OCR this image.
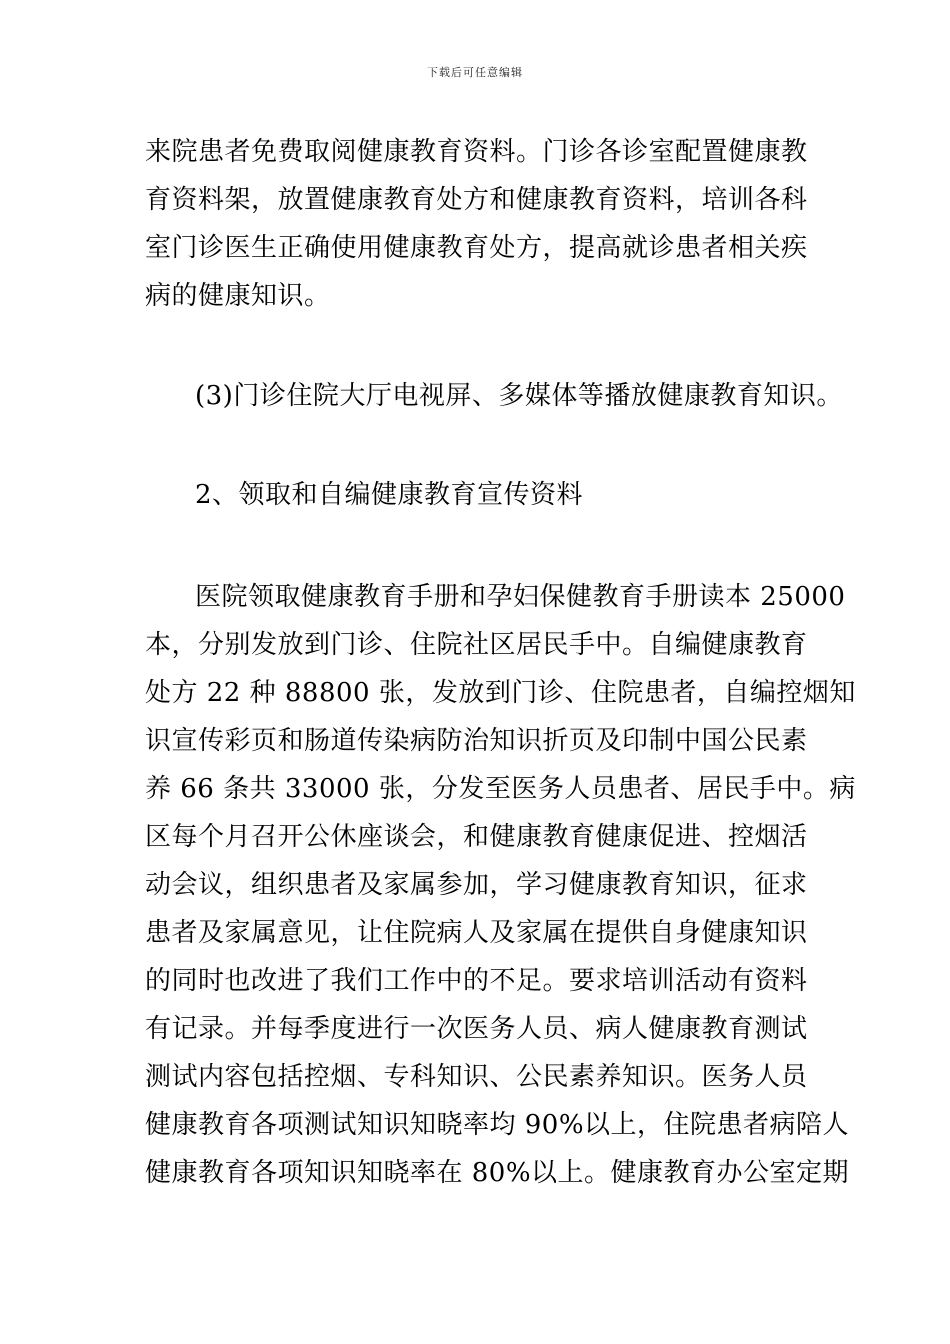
下载后可任意编辑
来院患者免费取阅健康教育资料。门诊各诊室配置健康教
育资料架，放置健康教育处方和健康教育资料，培训各科
室门诊医生正确使用健康教育处方，提高就诊患者相关疾
病的健康知识。
(3)门诊住院大厅电视屏、多媒体等播放健康教育知识。
2、领取和自编健康教育宣传资料
医院领取健康教育手册和孕妇保健教育手册读本 25000
本，分别发放到门诊、住院社区居民手中。自编健康教育
处方 22 种 88800 张，发放到门诊、住院患者，自编控烟知
识宣传彩页和肠道传染病防治知识折页及印制中国公民素
养 66 条共 33000 张，分发至医务人员患者、居民手中。病
区每个月召开公休座谈会，和健康教育健康促进、控烟活
动会议，组织患者及家属参加，学习健康教育知识，征求
患者及家属意见，让住院病人及家属在提供自身健康知识
的同时也改进了我们工作中的不足。要求培训活动有资料
有记录。并每季度进行一次医务人员、病人健康教育测试
测试内容包括控烟、专科知识、公民素养知识。医务人员
健康教育各项测试知识知晓率均 90%以上，住院患者病陪人
健康教育各项知识知晓率在 80%以上。健康教育办公室定期
